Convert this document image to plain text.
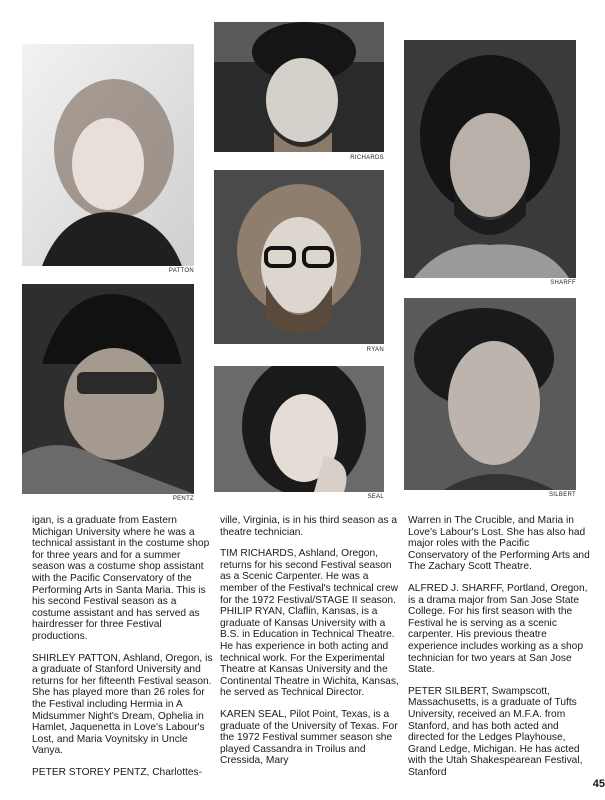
PATTON
RICHARDS
SHARFF
RYAN
PENTZ	SEAL	SILBERT

igan, is a graduate from Eastern Michigan University where he was a technical assistant in the costume shop for three years and for a summer season was a costume shop assistant with the Pacific Conservatory of the Performing Arts in Santa Maria. This is his second Festival season as a costume assistant and has served as hairdresser for three Festival productions.

SHIRLEY PATTON, Ashland, Oregon, is a graduate of Stanford University and returns for her fifteenth Festival season. She has played more than 26 roles for the Festival including Hermia in A Midsummer Night's Dream, Ophelia in Hamlet, Jaquenetta in Love's Labour's Lost, and Maria Voynitsky in Uncle Vanya.

PETER STOREY PENTZ, Charlottes-

ville, Virginia, is in his third season as a theatre technician.

TIM RICHARDS, Ashland, Oregon, returns for his second Festival season as a Scenic Carpenter. He was a member of the Festival's technical crew for the 1972 Festival/STAGE II season.

PHILIP RYAN, Claflin, Kansas, is a graduate of Kansas University with a B.S. in Education in Technical Theatre. He has experience in both acting and technical work. For the Experimental Theatre at Kansas University and the Continental Theatre in Wichita, Kansas, he served as Technical Director.

KAREN SEAL, Pilot Point, Texas, is a graduate of the University of Texas. For the 1972 Festival summer season she played Cassandra in Troilus and Cressida, Mary

Warren in The Crucible, and Maria in Love's Labour's Lost. She has also had major roles with the Pacific Conservatory of the Performing Arts and The Zachary Scott Theatre.

ALFRED J. SHARFF, Portland, Oregon, is a drama major from San Jose State College. For his first season with the Festival he is serving as a scenic carpenter. His previous theatre experience includes working as a shop technician for two years at San Jose State.

PETER SILBERT, Swampscott, Massachusetts, is a graduate of Tufts University, received an M.F.A. from Stanford, and has both acted and directed for the Ledges Playhouse, Grand Ledge, Michigan. He has acted with the Utah Shakespearean Festival, Stanford

45
